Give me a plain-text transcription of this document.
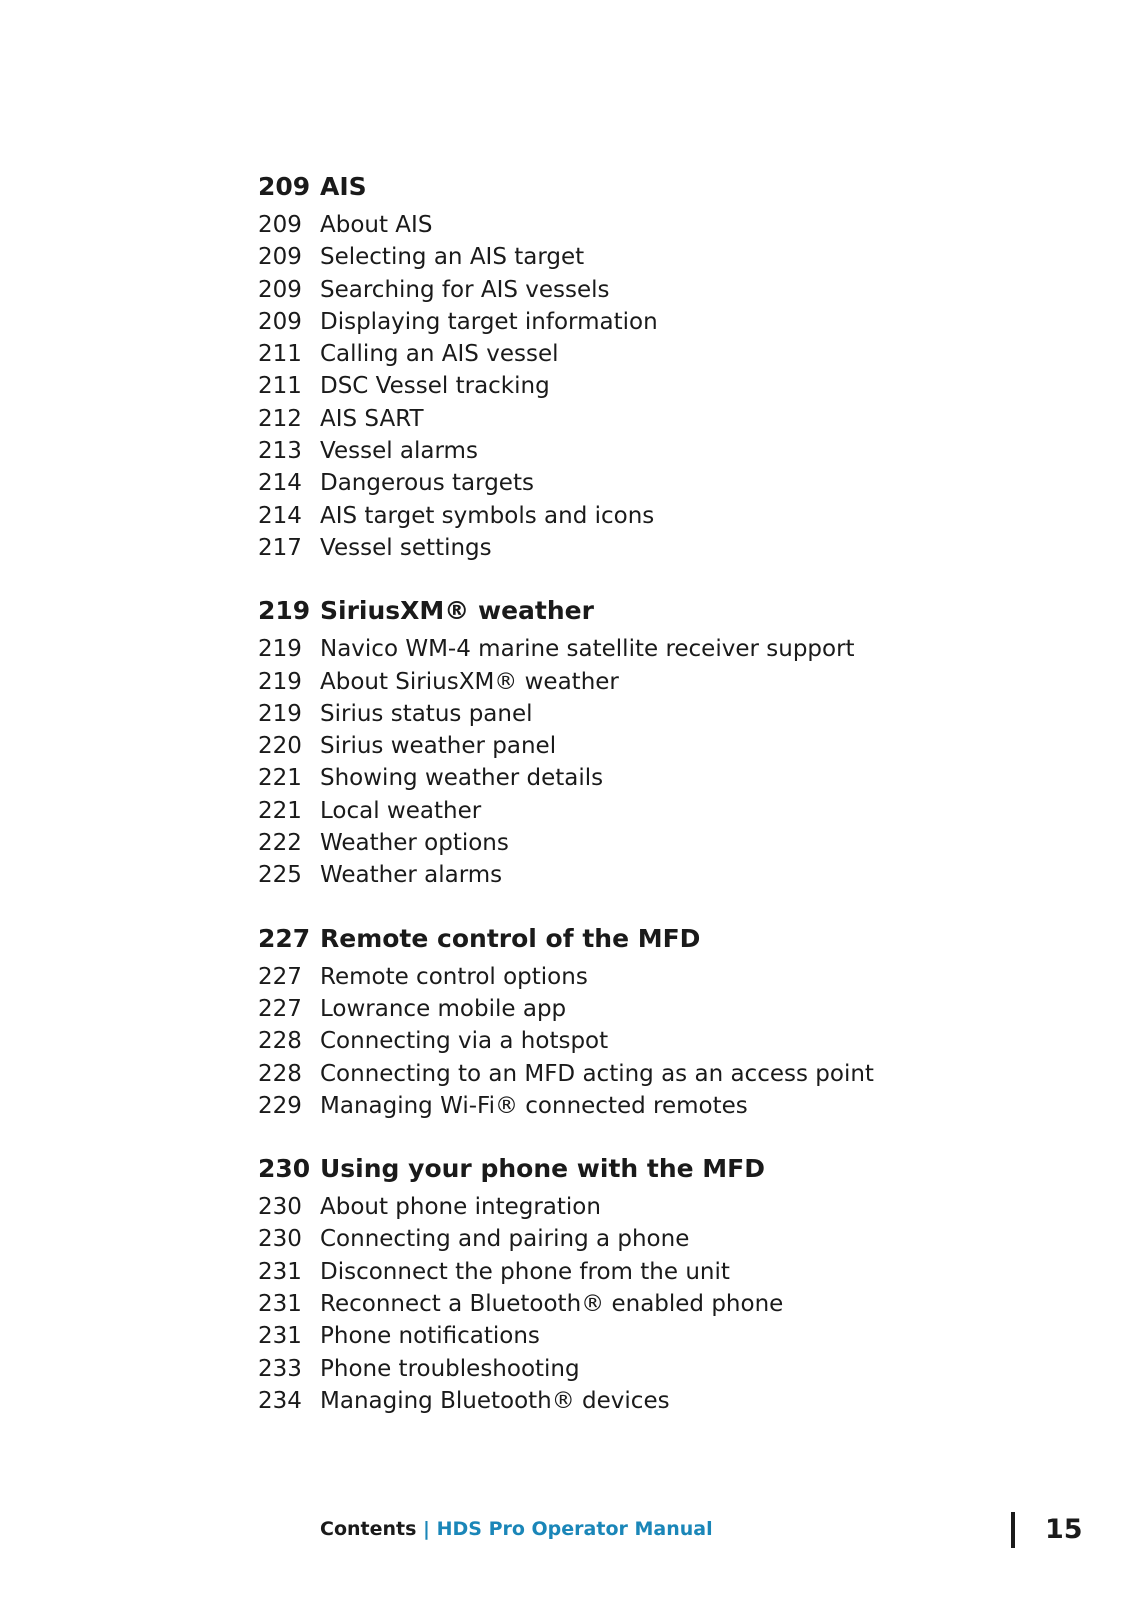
209 AIS
209 About AIS
209 Selecting an AIS target
209 Searching for AIS vessels
209 Displaying target information
211 Calling an AIS vessel
211 DSC Vessel tracking
212 AIS SART
213 Vessel alarms
214 Dangerous targets
214 AIS target symbols and icons
217 Vessel settings
219 SiriusXM® weather
219 Navico WM-4 marine satellite receiver support
219 About SiriusXM® weather
219 Sirius status panel
220 Sirius weather panel
221 Showing weather details
221 Local weather
222 Weather options
225 Weather alarms
227 Remote control of the MFD
227 Remote control options
227 Lowrance mobile app
228 Connecting via a hotspot
228 Connecting to an MFD acting as an access point
229 Managing Wi-Fi® connected remotes
230 Using your phone with the MFD
230 About phone integration
230 Connecting and pairing a phone
231 Disconnect the phone from the unit
231 Reconnect a Bluetooth® enabled phone
231 Phone notifications
233 Phone troubleshooting
234 Managing Bluetooth® devices
Contents | HDS Pro Operator Manual	15
